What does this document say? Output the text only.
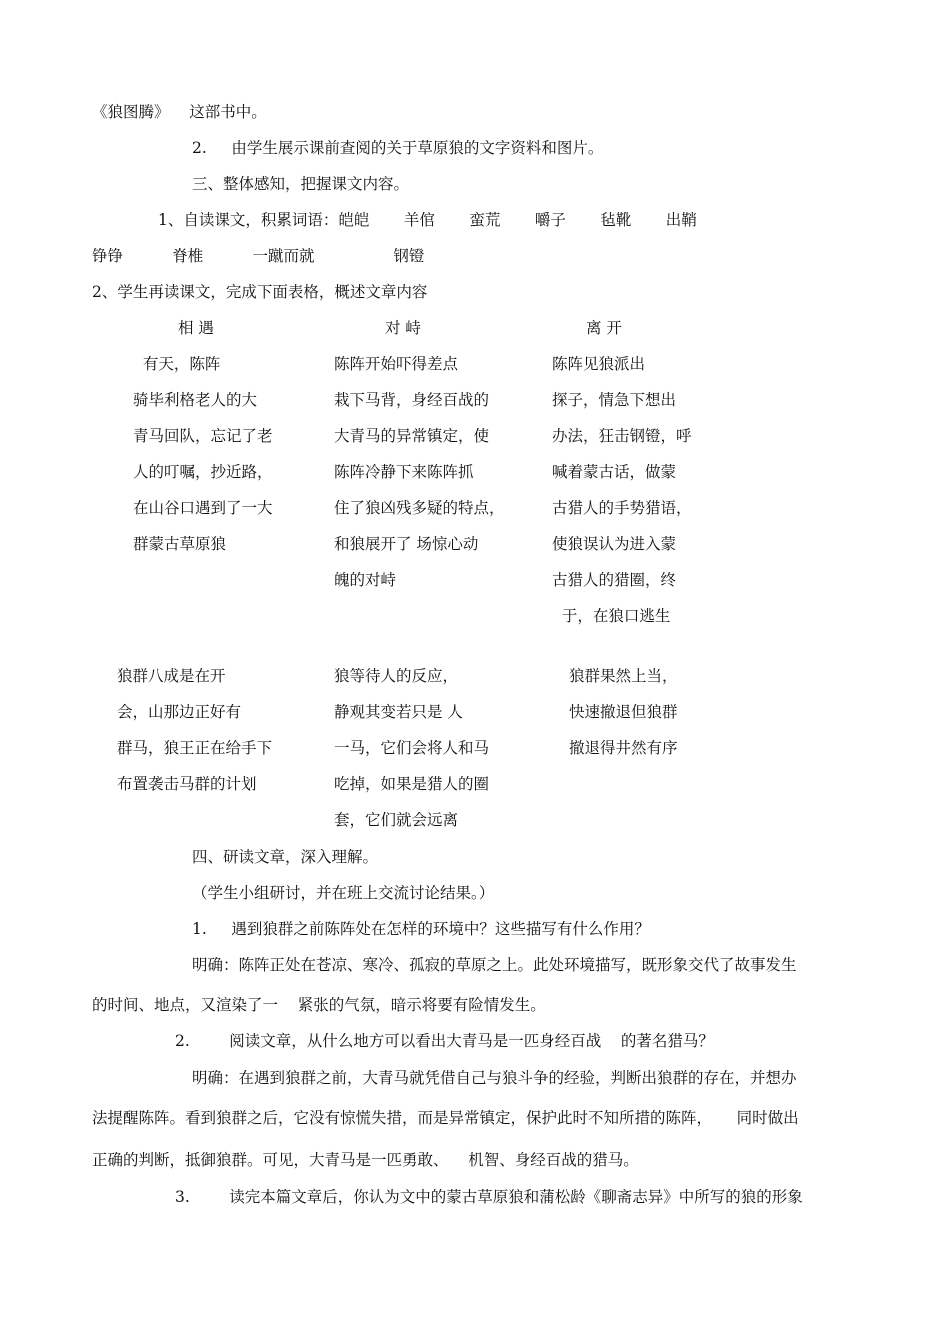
《狼图腾》    这部书中。
2.     由学生展示课前查阅的关于草原狼的文字资料和图片。
三、整体感知，把握课文内容。
1、自读课文，积累词语：皑皑       羊倌       蛮荒       嚼子       毡靴       出鞘
铮铮          脊椎          一蹴而就                钢镫
2、学生再读课文，完成下面表格，概述文章内容
相 遇	对 峙	离 开
有天，陈阵
骑毕利格老人的大
青马回队，忘记了老
人的叮嘱，抄近路，
在山谷口遇到了一大
群蒙古草原狼
陈阵开始吓得差点
栽下马背，身经百战的
大青马的异常镇定，使
陈阵冷静下来陈阵抓
住了狼凶残多疑的特点，
和狼展开了 场惊心动
魄的对峙
陈阵见狼派出
探子，情急下想出
办法，狂击钢镫，呼
喊着蒙古话，做蒙
古猎人的手势猎语，
使狼误认为进入蒙
古猎人的猎圈，终
于，在狼口逃生
狼群八成是在开
会，山那边正好有
群马，狼王正在给手下
布置袭击马群的计划
狼等待人的反应，
静观其变若只是 人
一马，它们会将人和马
吃掉，如果是猎人的圈
套，它们就会远离
狼群果然上当，
快速撤退但狼群
撤退得井然有序
四、研读文章，深入理解。
（学生小组研讨，并在班上交流讨论结果。）
1.     遇到狼群之前陈阵处在怎样的环境中？这些描写有什么作用？
明确：陈阵正处在苍凉、寒冷、孤寂的草原之上。此处环境描写，既形象交代了故事发生
的时间、地点，又渲染了一    紧张的气氛，暗示将要有险情发生。
2.        阅读文章，从什么地方可以看出大青马是一匹身经百战    的著名猎马？
明确：在遇到狼群之前，大青马就凭借自己与狼斗争的经验，判断出狼群的存在，并想办
法提醒陈阵。看到狼群之后，它没有惊慌失措，而是异常镇定，保护此时不知所措的陈阵，     同时做出
正确的判断，抵御狼群。可见，大青马是一匹勇敢、    机智、身经百战的猎马。
3.        读完本篇文章后，你认为文中的蒙古草原狼和蒲松龄《聊斋志异》中所写的狼的形象
